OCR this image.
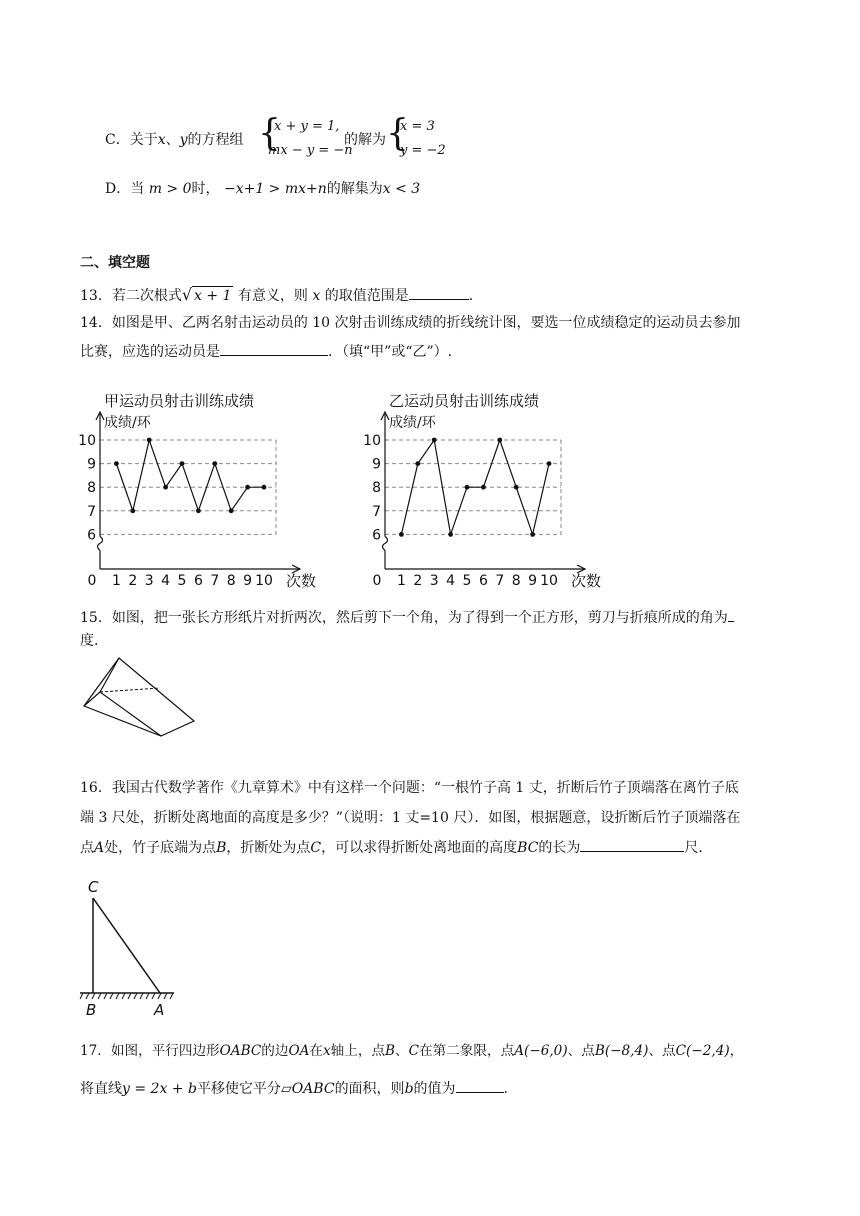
C．关于x、y的方程组 {
x + y = 1,
mx − y = −n
的解为 {
x = 3
y = −2
D．当 m > 0时， −x+1 > mx+n的解集为x < 3
二、填空题
13．若二次根式√ x + 1 有意义，则 x 的取值范围是	.
14．如图是甲、乙两名射击运动员的 10 次射击训练成绩的折线统计图，要选一位成绩稳定的运动员去参加
比赛，应选的运动员是	．（填“甲”或“乙”）.
甲运动员射击训练成绩
成绩/环
6
7
8
9
10
0 1 2 3 4 5 6 7 8 9 10 次数
乙运动员射击训练成绩
成绩/环
6
7
8
9
10
0 1 2 3 4 5 6 7 8 9 10 次数
15．如图，把一张长方形纸片对折两次，然后剪下一个角，为了得到一个正方形，剪刀与折痕所成的角为
度.
16．我国古代数学著作《九章算术》中有这样一个问题：“一根竹子高 1 丈，折断后竹子顶端落在离竹子底
端 3 尺处，折断处离地面的高度是多少？”（说明：1 丈=10 尺）．如图，根据题意，设折断后竹子顶端落在
点A处，竹子底端为点B，折断处为点C，可以求得折断处离地面的高度BC的长为	尺.
C
B	A
17．如图，平行四边形OABC的边OA在x轴上，点B、C在第二象限，点A(−6,0)、点B(−8,4)、点C(−2,4)，
将直线y = 2x + b平移使它平分▱OABC的面积，则b的值为	.
